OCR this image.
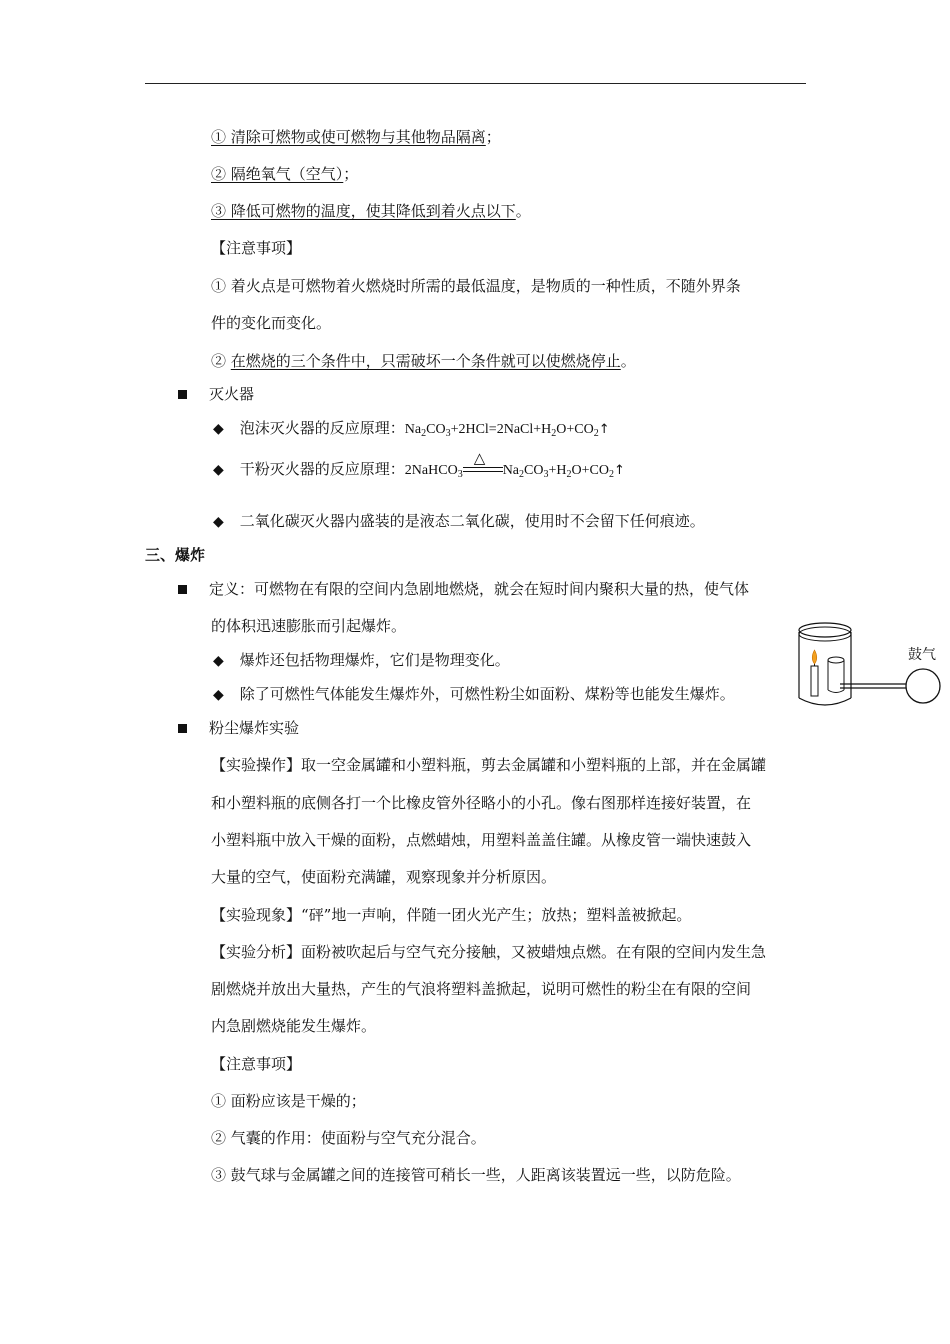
① 清除可燃物或使可燃物与其他物品隔离；
② 隔绝氧气（空气）；
③ 降低可燃物的温度，使其降低到着火点以下。
【注意事项】
① 着火点是可燃物着火燃烧时所需的最低温度，是物质的一种性质，不随外界条
件的变化而变化。
② 在燃烧的三个条件中，只需破坏一个条件就可以使燃烧停止。
灭火器
◆ 泡沫灭火器的反应原理：$Na_2CO_3+2HCl=2NaCl+H_2O+CO_2↑$
◆ 干粉灭火器的反应原理：2NaHCO$_3$
△
$Na_2CO_3+H_2O+CO_2↑$
◆ 二氧化碳灭火器内盛装的是液态二氧化碳，使用时不会留下任何痕迹。
三、爆炸
定义：可燃物在有限的空间内急剧地燃烧，就会在短时间内聚积大量的热，使气体
的体积迅速膨胀而引起爆炸。
◆ 爆炸还包括物理爆炸，它们是物理变化。
◆ 除了可燃性气体能发生爆炸外，可燃性粉尘如面粉、煤粉等也能发生爆炸。
粉尘爆炸实验
【实验操作】取一空金属罐和小塑料瓶，剪去金属罐和小塑料瓶的上部，并在金属罐
和小塑料瓶的底侧各打一个比橡皮管外径略小的小孔。像右图那样连接好装置，在
小塑料瓶中放入干燥的面粉，点燃蜡烛，用塑料盖盖住罐。从橡皮管一端快速鼓入
大量的空气，使面粉充满罐，观察现象并分析原因。
【实验现象】“砰”地一声响，伴随一团火光产生；放热；塑料盖被掀起。
【实验分析】面粉被吹起后与空气充分接触，又被蜡烛点燃。在有限的空间内发生急
剧燃烧并放出大量热，产生的气浪将塑料盖掀起，说明可燃性的粉尘在有限的空间
内急剧燃烧能发生爆炸。
【注意事项】
① 面粉应该是干燥的；
② 气囊的作用：使面粉与空气充分混合。
③ 鼓气球与金属罐之间的连接管可稍长一些，人距离该装置远一些，以防危险。
鼓气
